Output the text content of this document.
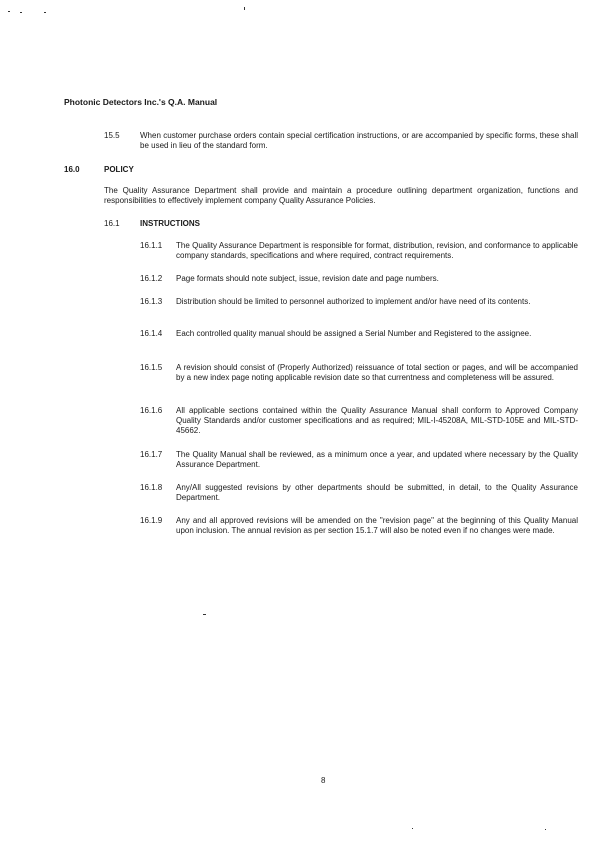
Photonic Detectors Inc.'s Q.A. Manual
15.5	When customer purchase orders contain special certification instructions, or are accompanied by specific forms, these shall be used in lieu of the standard form.
16.0	POLICY
The Quality Assurance Department shall provide and maintain a procedure outlining department organization, functions and responsibilities to effectively implement company Quality Assurance Policies.
16.1	INSTRUCTIONS
16.1.1 The Quality Assurance Department is responsible for format, distribution, revision, and conformance to applicable company standards, specifications and where required, contract requirements.
16.1.2 Page formats should note subject, issue, revision date and page numbers.
16.1.3 Distribution should be limited to personnel authorized to implement and/or have need of its contents.
16.1.4 Each controlled quality manual should be assigned a Serial Number and Registered to the assignee.
16.1.5 A revision should consist of (Properly Authorized) reissuance of total section or pages, and will be accompanied by a new index page noting applicable revision date so that currentness and completeness will be assured.
16.1.6 All applicable sections contained within the Quality Assurance Manual shall conform to Approved Company Quality Standards and/or customer specifications and as required; MIL-I-45208A, MIL-STD-105E and MIL-STD-45662.
16.1.7 The Quality Manual shall be reviewed, as a minimum once a year, and updated where necessary by the Quality Assurance Department.
16.1.8 Any/All suggested revisions by other departments should be submitted, in detail, to the Quality Assurance Department.
16.1.9 Any and all approved revisions will be amended on the "revision page" at the beginning of this Quality Manual upon inclusion. The annual revision as per section 15.1.7 will also be noted even if no changes were made.
8
